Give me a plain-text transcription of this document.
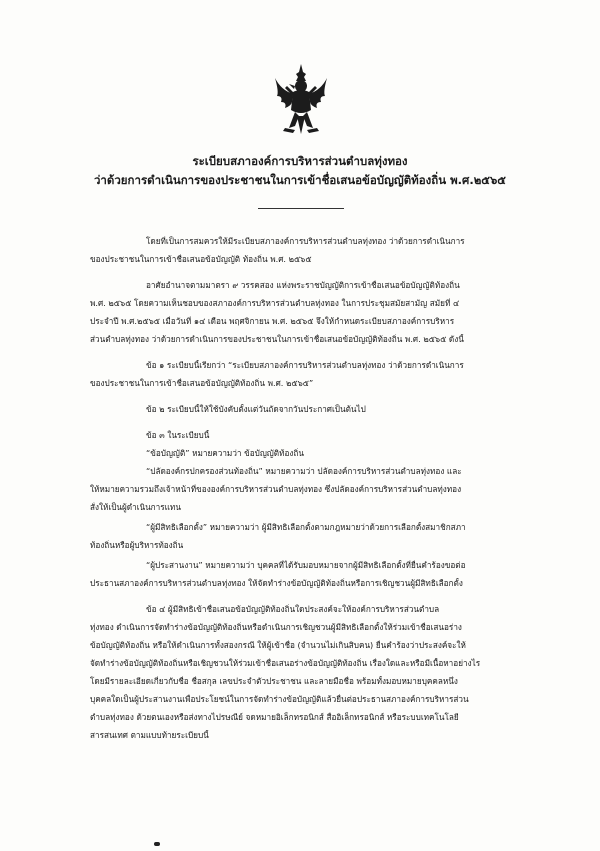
ระเบียบสภาองค์การบริหารส่วนตำบลทุ่งทอง
ว่าด้วยการดำเนินการของประชาชนในการเข้าชื่อเสนอข้อบัญญัติท้องถิ่น พ.ศ.๒๕๖๕
โดยที่เป็นการสมควรให้มีระเบียบสภาองค์การบริหารส่วนตำบลทุ่งทอง ว่าด้วยการดำเนินการ
ของประชาชนในการเข้าชื่อเสนอข้อบัญญัติ ท้องถิ่น พ.ศ. ๒๕๖๕
อาศัยอำนาจตามมาตรา ๙ วรรคสอง แห่งพระราชบัญญัติการเข้าชื่อเสนอข้อบัญญัติท้องถิ่น
พ.ศ. ๒๕๖๕ โดยความเห็นชอบของสภาองค์การบริหารส่วนตำบลทุ่งทอง ในการประชุมสมัยสามัญ สมัยที่ ๔
ประจำปี พ.ศ.๒๕๖๕ เมื่อวันที่ ๑๔ เดือน พฤศจิกายน พ.ศ. ๒๕๖๕ จึงให้กำหนดระเบียบสภาองค์การบริหาร
ส่วนตำบลทุ่งทอง ว่าด้วยการดำเนินการของประชาชนในการเข้าชื่อเสนอข้อบัญญัติท้องถิ่น พ.ศ. ๒๕๖๕ ดังนี้
ข้อ ๑ ระเบียบนี้เรียกว่า “ระเบียบสภาองค์การบริหารส่วนตำบลทุ่งทอง ว่าด้วยการดำเนินการ
ของประชาชนในการเข้าชื่อเสนอข้อบัญญัติท้องถิ่น พ.ศ. ๒๕๖๕”
ข้อ ๒ ระเบียบนี้ให้ใช้บังคับตั้งแต่วันถัดจากวันประกาศเป็นต้นไป
ข้อ ๓ ในระเบียบนี้
“ข้อบัญญัติ” หมายความว่า ข้อบัญญัติท้องถิ่น
“ปลัดองค์กรปกครองส่วนท้องถิ่น” หมายความว่า ปลัดองค์การบริหารส่วนตำบลทุ่งทอง และ
ให้หมายความรวมถึงเจ้าหน้าที่ขององค์การบริหารส่วนตำบลทุ่งทอง ซึ่งปลัดองค์การบริหารส่วนตำบลทุ่งทอง
สั่งให้เป็นผู้ดำเนินการแทน
“ผู้มีสิทธิเลือกตั้ง” หมายความว่า ผู้มีสิทธิเลือกตั้งตามกฎหมายว่าด้วยการเลือกตั้งสมาชิกสภา
ท้องถิ่นหรือผู้บริหารท้องถิ่น
“ผู้ประสานงาน” หมายความว่า บุคคลที่ได้รับมอบหมายจากผู้มีสิทธิเลือกตั้งที่ยื่นคำร้องขอต่อ
ประธานสภาองค์การบริหารส่วนตำบลทุ่งทอง ให้จัดทำร่างข้อบัญญัติท้องถิ่นหรือการเชิญชวนผู้มีสิทธิเลือกตั้ง
ข้อ ๔ ผู้มีสิทธิเข้าชื่อเสนอข้อบัญญัติท้องถิ่นใดประสงค์จะให้องค์การบริหารส่วนตำบล
ทุ่งทอง ดำเนินการจัดทำร่างข้อบัญญัติท้องถิ่นหรือดำเนินการเชิญชวนผู้มีสิทธิเลือกตั้งให้ร่วมเข้าชื่อเสนอร่าง
ข้อบัญญัติท้องถิ่น หรือให้ดำเนินการทั้งสองกรณี ให้ผู้เข้าชื่อ (จำนวนไม่เกินสิบคน) ยื่นคำร้องว่าประสงค์จะให้
จัดทำร่างข้อบัญญัติท้องถิ่นหรือเชิญชวนให้ร่วมเข้าชื่อเสนอร่างข้อบัญญัติท้องถิ่น เรื่องใดและหรือมีเนื้อหาอย่างไร
โดยมีรายละเอียดเกี่ยวกับชื่อ ชื่อสกุล เลขประจำตัวประชาชน และลายมือชื่อ พร้อมทั้งมอบหมายบุคคลหนึ่ง
บุคคลใดเป็นผู้ประสานงานเพื่อประโยชน์ในการจัดทำร่างข้อบัญญัติแล้วยื่นต่อประธานสภาองค์การบริหารส่วน
ตำบลทุ่งทอง ด้วยตนเองหรือส่งทางไปรษณีย์ จดหมายอิเล็กทรอนิกส์ สื่ออิเล็กทรอนิกส์ หรือระบบเทคโนโลยี
สารสนเทศ ตามแบบท้ายระเบียบนี้
